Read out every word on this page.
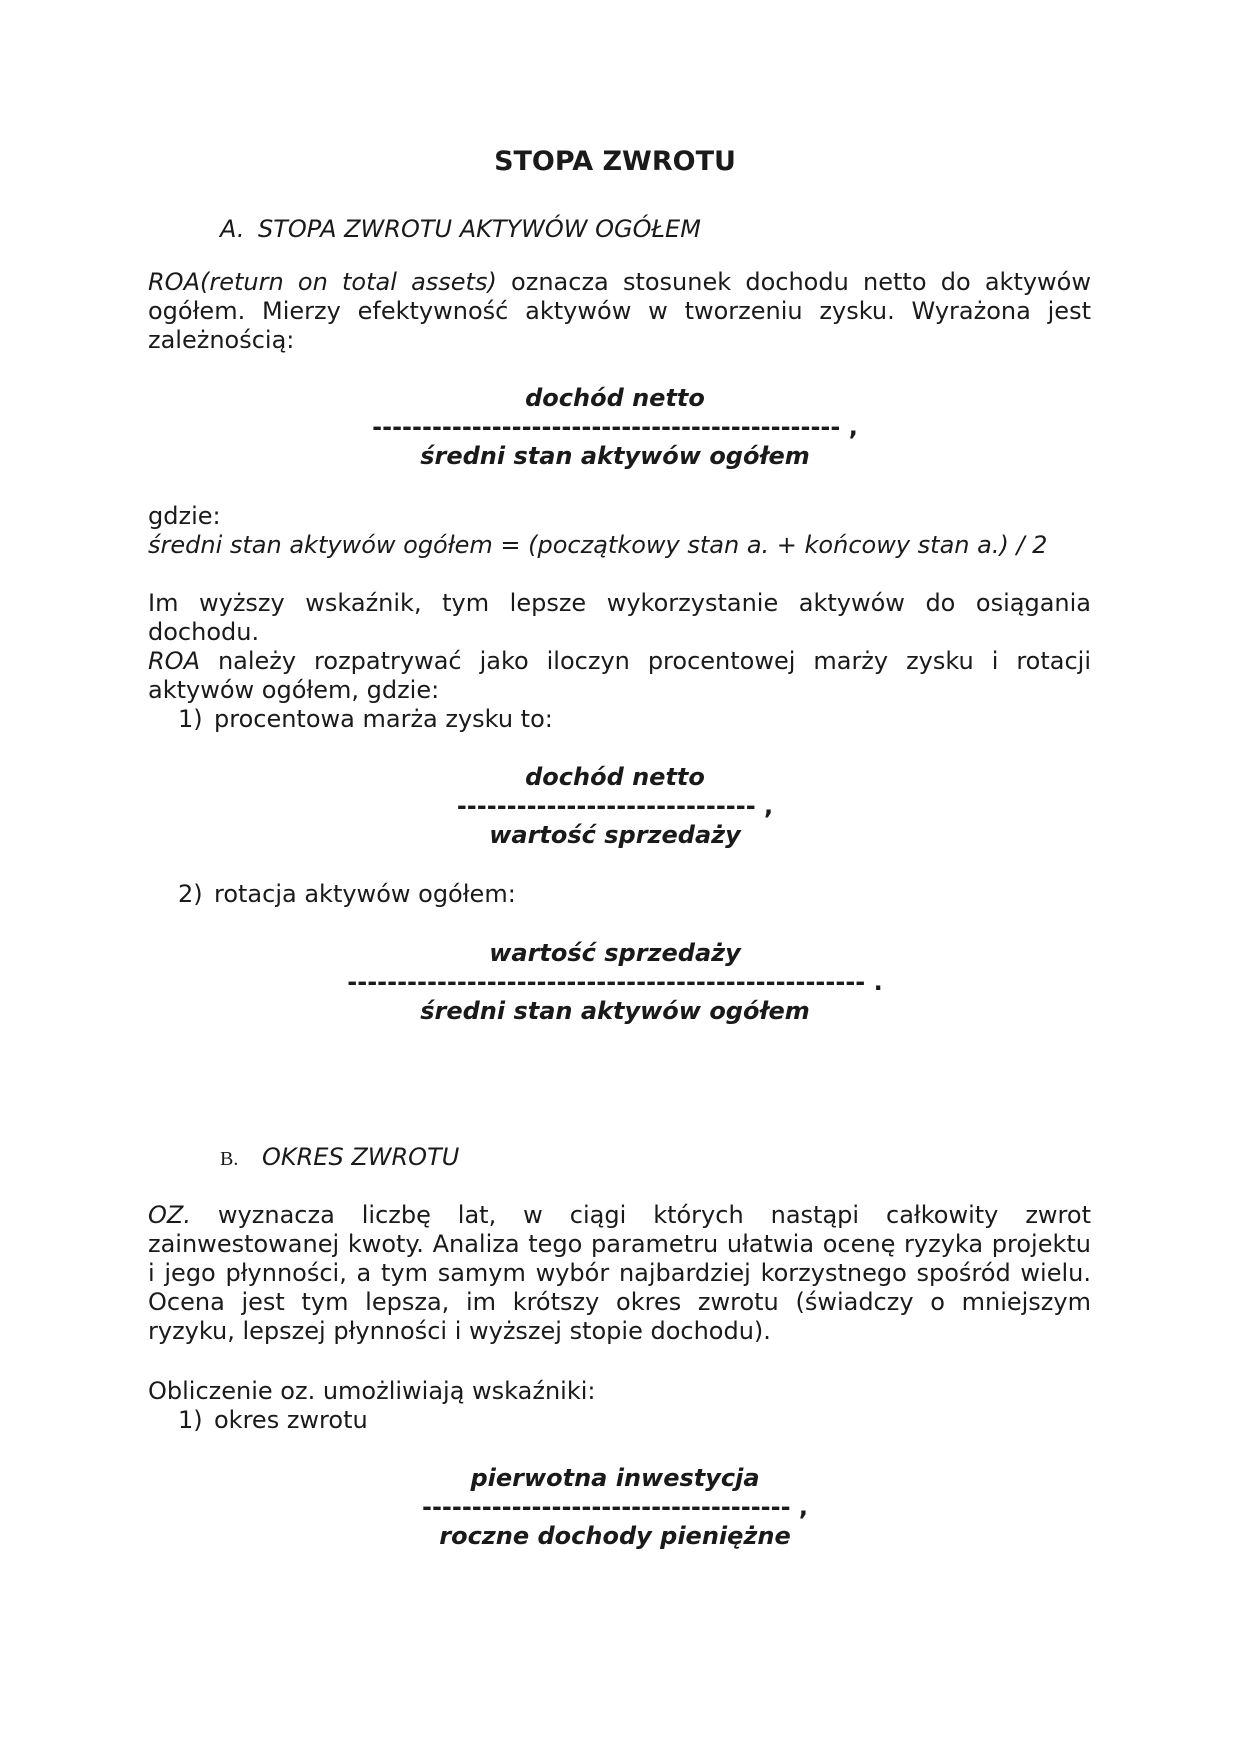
STOPA ZWROTU
A. STOPA ZWROTU AKTYWÓW OGÓŁEM

ROA(return on total assets) oznacza stosunek dochodu netto do aktywów ogółem. Mierzy efektywność aktywów w tworzeniu zysku. Wyrażona jest zależnością:

dochód netto
----------------------------------------------- ,
średni stan aktywów ogółem
gdzie:
średni stan aktywów ogółem = (początkowy stan a. + końcowy stan a.) / 2

Im wyższy wskaźnik, tym lepsze wykorzystanie aktywów do osiągania dochodu.

ROA należy rozpatrywać jako iloczyn procentowej marży zysku i rotacji aktywów ogółem, gdzie:

1) procentowa marża zysku to:
dochód netto
------------------------------ ,
wartość sprzedaży
2) rotacja aktywów ogółem:
wartość sprzedaży
---------------------------------------------------- .
średni stan aktywów ogółem
B. OKRES ZWROTU

OZ. wyznacza liczbę lat, w ciągi których nastąpi całkowity zwrot zainwestowanej kwoty. Analiza tego parametru ułatwia ocenę ryzyka projektu i jego płynności, a tym samym wybór najbardziej korzystnego spośród wielu. Ocena jest tym lepsza, im krótszy okres zwrotu (świadczy o mniejszym ryzyku, lepszej płynności i wyższej stopie dochodu).

Obliczenie oz. umożliwiają wskaźniki:
1) okres zwrotu
pierwotna inwestycja
------------------------------------- ,
roczne dochody pieniężne
